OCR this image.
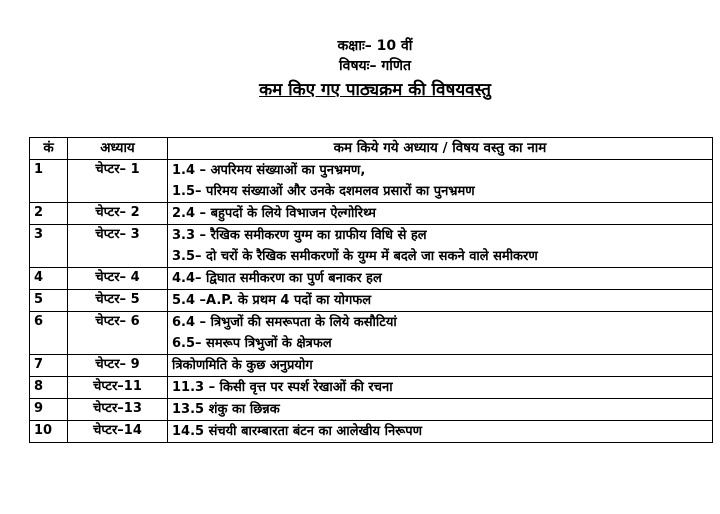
कक्षाः– 10 वीं
विषयः– गणित
कम किए गए पाठ्यक्रम की विषयवस्तु
कं	अध्याय	कम किये गये अध्याय / विषय वस्तु का नाम
1	चेप्टर– 1	1.4 – अपरिमय संख्याओं का पुनभ्रमण,
1.5– परिमय संख्याओं और उनके दशमलव प्रसारों का पुनभ्रमण

2	चेप्टर– 2	2.4 – बहुपदों के लिये विभाजन ऐल्गोरिथ्म

3	चेप्टर– 3	3.3 – रैखिक समीकरण युग्म का ग्राफीय विधि से हल
3.5– दो चरों के रैखिक समीकरणों के युग्म में बदले जा सकने वाले समीकरण

4	चेप्टर– 4	4.4– द्विघात समीकरण का पुर्ण बनाकर हल

5	चेप्टर– 5	5.4 –A.P. के प्रथम 4 पदों का योगफल

6	चेप्टर– 6	6.4 – त्रिभुजों की समरूपता के लिये कसौटियां
6.5– समरूप त्रिभुजों के क्षेत्रफल

7	चेप्टर– 9	त्रिकोणमिति के कुछ अनुप्रयोग

8	चेप्टर–11	11.3 – किसी वृत्त पर स्पर्श रेखाओं की रचना

9	चेप्टर–13	13.5 शंकु का छिन्नक

10	चेप्टर–14	14.5 संचयी बारम्बारता बंटन का आलेखीय निरूपण
